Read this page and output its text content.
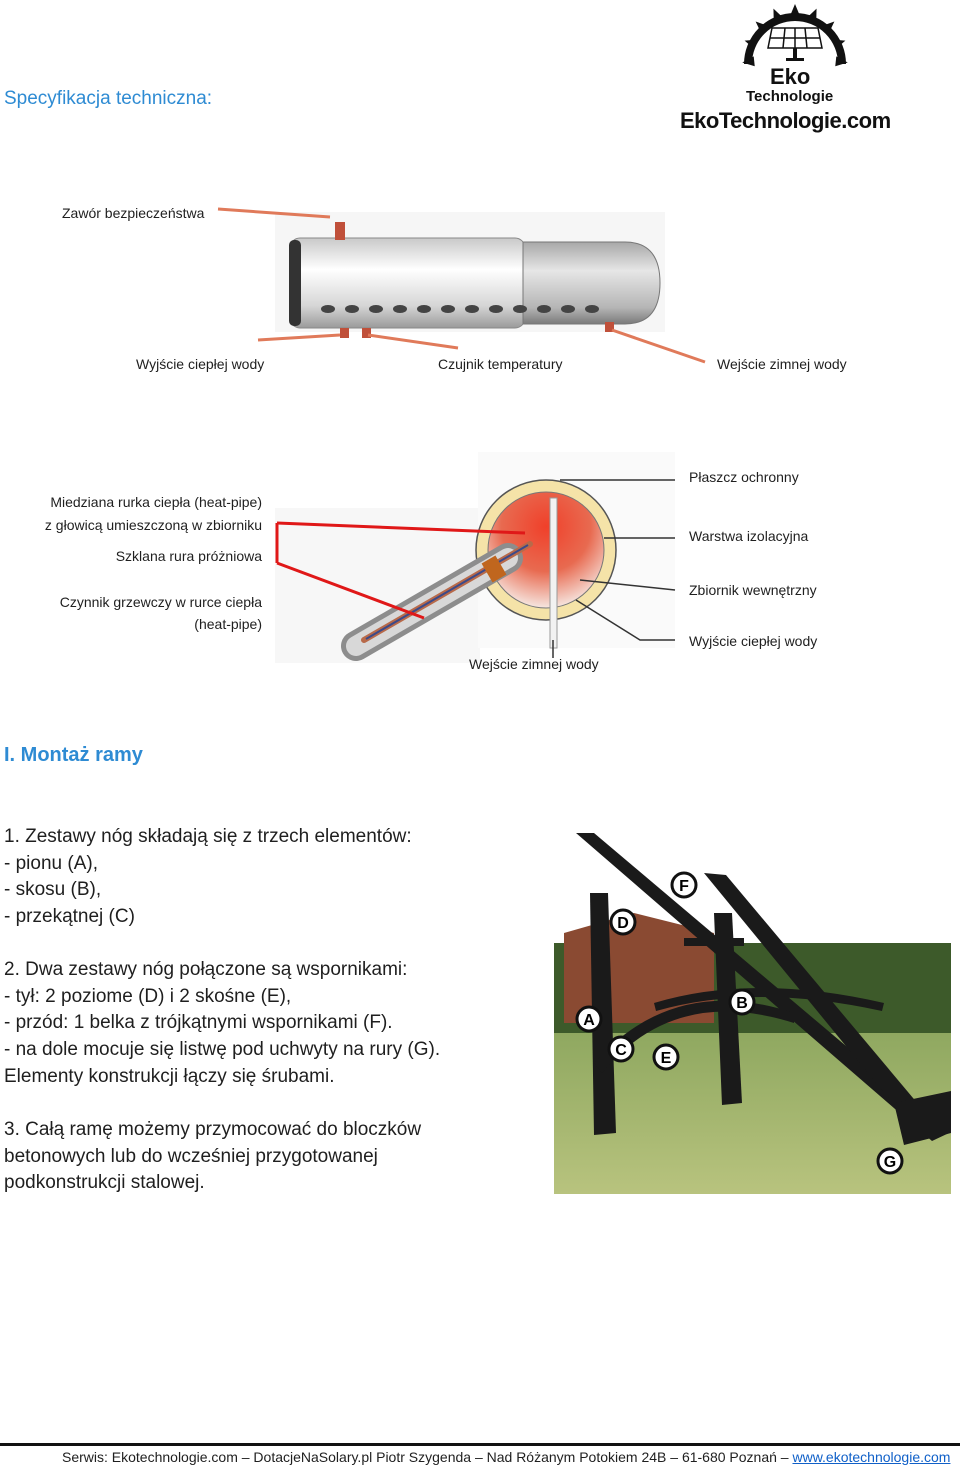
Eko
Technologie
EkoTechnologie.com
Specyfikacja techniczna:
Zawór bezpieczeństwa
Wyjście ciepłej wody	Czujnik temperatury	Wejście zimnej wody
Miedziana rurka ciepła (heat-pipe)
z głowicą umieszczoną w zbiorniku
Szklana rura próżniowa
Czynnik grzewczy w rurce ciepła
(heat-pipe)
Wejście zimnej wody
Płaszcz ochronny
Warstwa izolacyjna
Zbiornik wewnętrzny
Wyjście ciepłej wody
I. Montaż ramy
1. Zestawy nóg składają się z trzech elementów:
- pionu (A),
- skosu (B),
- przekątnej (C)
2. Dwa zestawy nóg połączone są wspornikami:
- tył: 2 poziome (D) i 2 skośne (E),
- przód: 1 belka z trójkątnymi wspornikami (F).
- na dole mocuje się listwę pod uchwyty na rury (G).
Elementy konstrukcji łączy się śrubami.
3. Całą ramę możemy przymocować do bloczków
betonowych lub do wcześniej przygotowanej
podkonstrukcji stalowej.
A
B
C
D
E
F
G
Serwis: Ekotechnologie.com – DotacjeNaSolary.pl Piotr Szygenda – Nad Różanym Potokiem 24B – 61-680 Poznań – www.ekotechnologie.com
